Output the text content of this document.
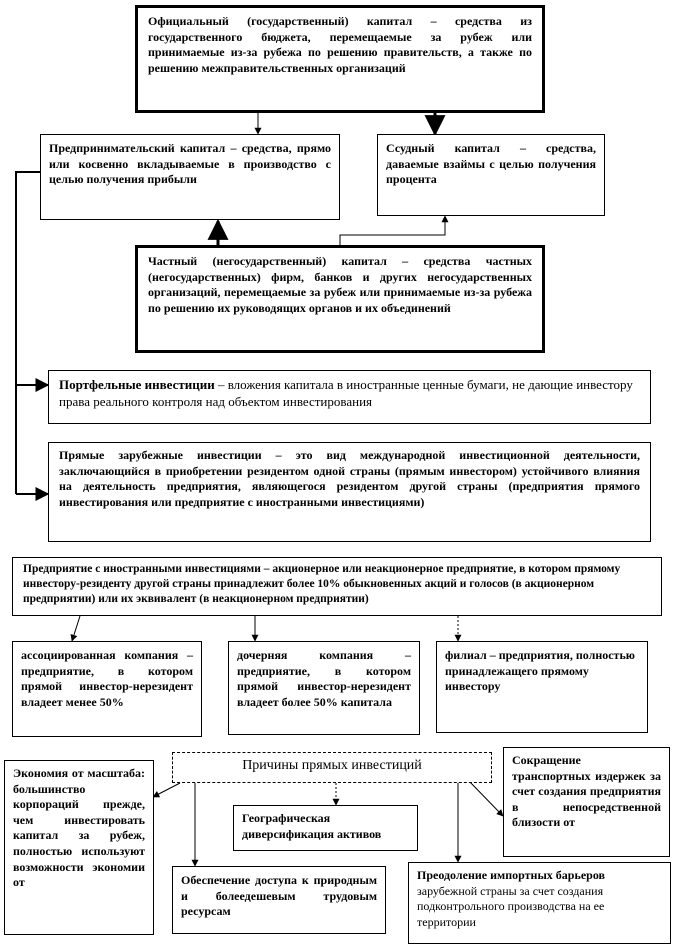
Официальный (государственный) капитал – средства из государственного бюджета, перемещаемые за рубеж или принимаемые из-за рубежа по решению правительств, а также по решению межправительственных организаций
Предпринимательский капитал – средства, прямо или косвенно вкладываемые в производство с целью получения прибыли
Ссудный капитал – средства, даваемые взаймы с целью получения процента
Частный (негосударственный) капитал – средства частных (негосударственных) фирм, банков и других негосударственных организаций, перемещаемые за рубеж или принимаемые из-за рубежа по решению их руководящих органов и их объединений
Портфельные инвестиции – вложения капитала в иностранные ценные бумаги, не дающие инвестору права реального контроля над объектом инвестирования
Прямые зарубежные инвестиции – это вид международной инвестиционной деятельности, заключающийся в приобретении резидентом одной страны (прямым инвестором) устойчивого влияния на деятельность предприятия, являющегося резидентом другой страны (предприятия прямого инвестирования или предприятие с иностранными инвестициями)
Предприятие с иностранными инвестициями – акционерное или неакционерное предприятие, в котором прямому инвестору-резиденту другой страны принадлежит более 10% обыкновенных акций и голосов (в акционерном предприятии) или их эквивалент (в неакционерном предприятии)
ассоциированная компания – предприятие, в котором прямой инвестор-нерезидент владеет менее 50%
дочерняя компания – предприятие, в котором прямой инвестор-нерезидент владеет более 50% капитала
филиал – предприятия, полностью принадлежащего прямому инвестору
Причины прямых инвестиций
Экономия от масштаба: большинство корпораций прежде, чем инвестировать капитал за рубеж, полностью используют возможности экономии от
Сокращение транспортных издержек за счет создания предприятия в непосредственной близости от
Географическая диверсификация активов
Обеспечение доступа к природным и болеедешевым трудовым ресурсам
Преодоление импортных барьеров зарубежной страны за счет создания подконтрольного производства на ее территории
